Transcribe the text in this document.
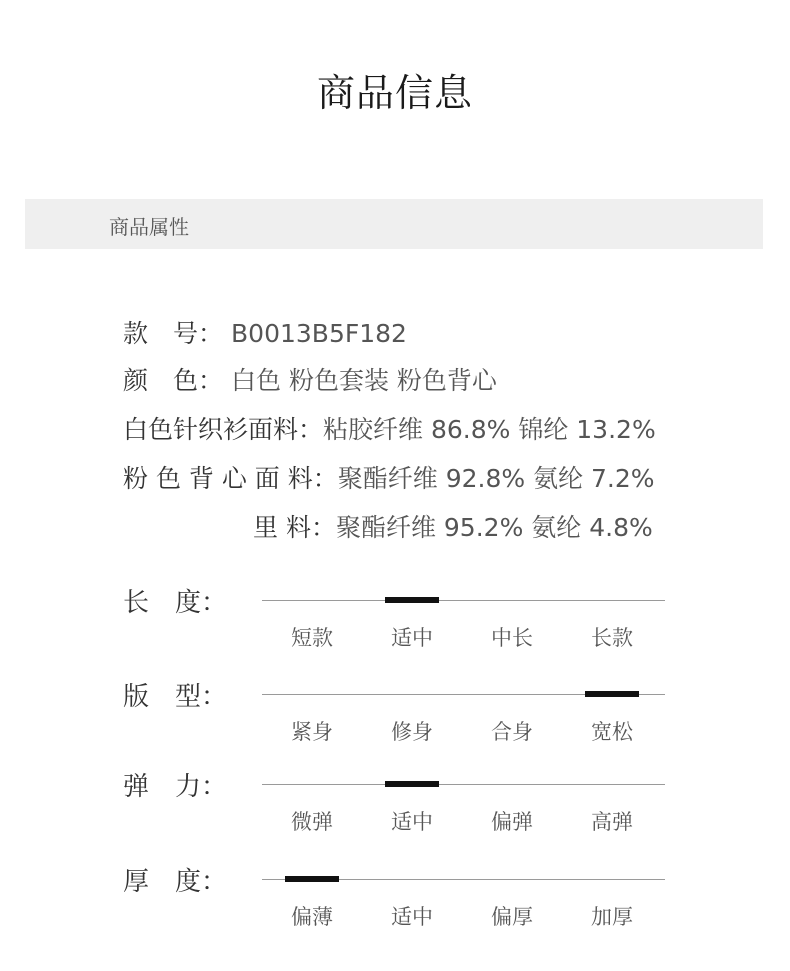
商品信息
商品属性
款　号： B0013B5F182
颜　色： 白色 粉色套装 粉色背心
白色针织衫面料：粘胶纤维 86.8% 锦纶 13.2%
粉 色 背 心 面 料：聚酯纤维 92.8% 氨纶 7.2%
里 料：聚酯纤维 95.2% 氨纶 4.8%
长　度：
短款	适中	中长	长款
版　型：
紧身	修身	合身	宽松
弹　力：
微弹	适中	偏弹	高弹
厚　度：
偏薄	适中	偏厚	加厚
